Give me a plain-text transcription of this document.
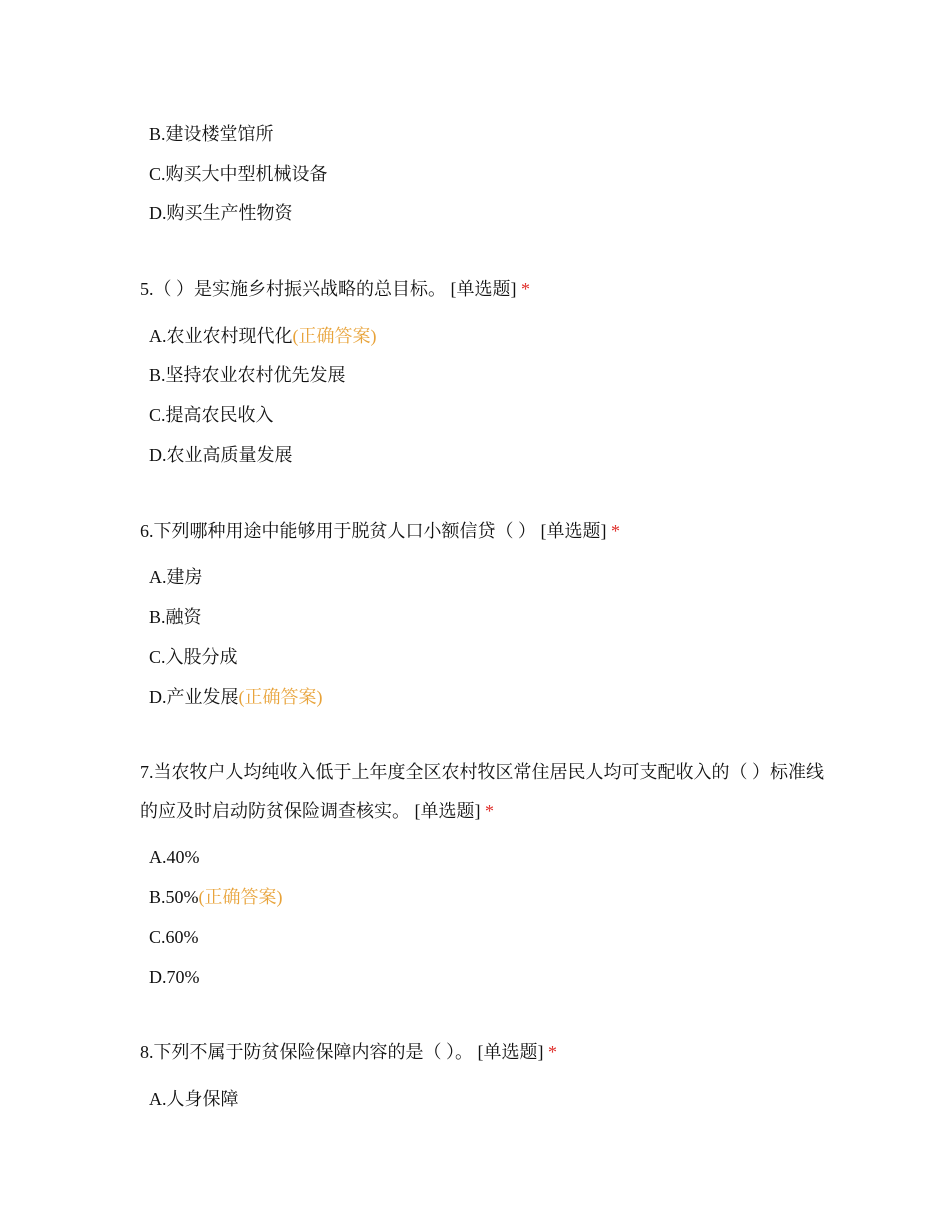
B.建设楼堂馆所
C.购买大中型机械设备
D.购买生产性物资
5.（ ）是实施乡村振兴战略的总目标。 [单选题] *
A.农业农村现代化(正确答案)
B.坚持农业农村优先发展
C.提高农民收入
D.农业高质量发展
6.下列哪种用途中能够用于脱贫人口小额信贷（ ） [单选题] *
A.建房
B.融资
C.入股分成
D.产业发展(正确答案)
7.当农牧户人均纯收入低于上年度全区农村牧区常住居民人均可支配收入的（ ）标准线的应及时启动防贫保险调查核实。 [单选题] *
A.40%
B.50%(正确答案)
C.60%
D.70%
8.下列不属于防贫保险保障内容的是（ ）。 [单选题] *
A.人身保障
